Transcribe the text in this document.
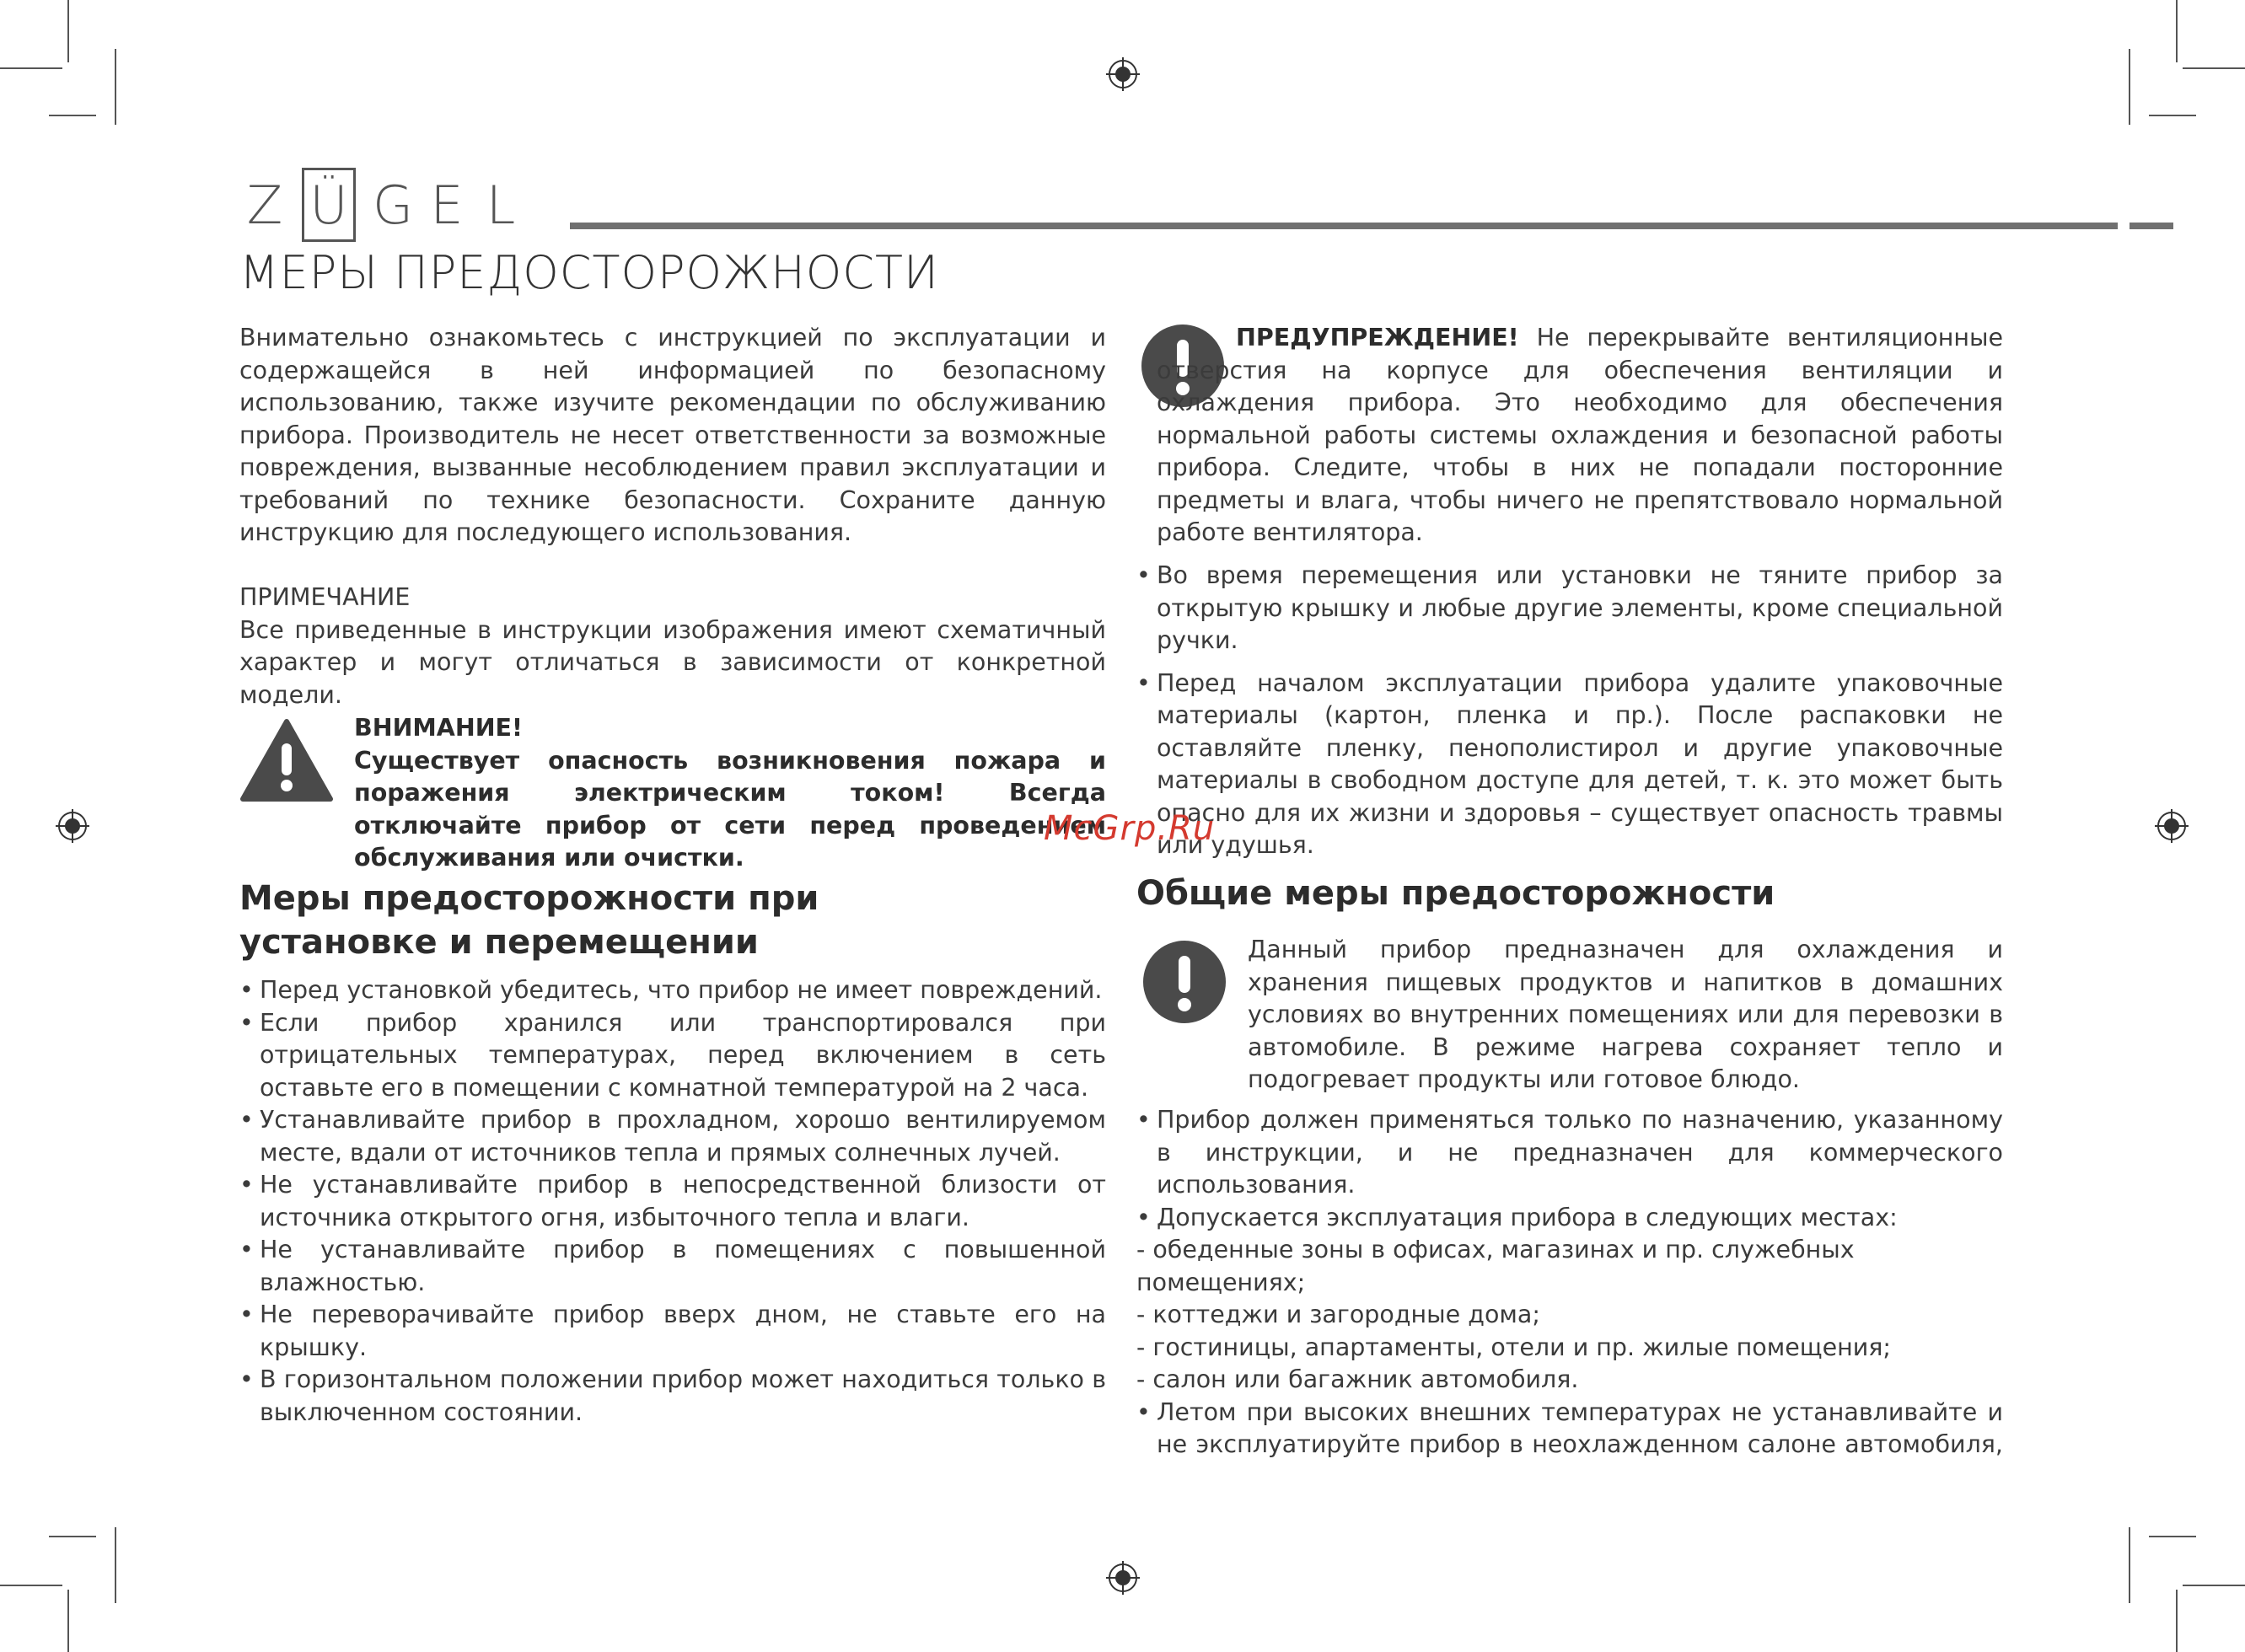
Z Ü G E L
МЕРЫ ПРЕДОСТОРОЖНОСТИ

Внимательно ознакомьтесь с инструкцией по эксплуатации и содержащейся в ней информацией по безопасному использованию, также изучите рекомендации по обслуживанию прибора. Производитель не несет ответственности за возможные повреждения, вызванные несоблюдением правил эксплуатации и требований по технике безопасности. Сохраните данную инструкцию для последующего использования.

ПРИМЕЧАНИЕ

Все приведенные в инструкции изображения имеют схематичный характер и могут отличаться в зависимости от конкретной модели.

ВНИМАНИЕ!

Существует опасность возникновения пожара и поражения электрическим током! Всегда отключайте прибор от сети перед проведением обслуживания или очистки.

Меры предосторожности при установке и перемещении

• Перед установкой убедитесь, что прибор не имеет повреждений.

• Если прибор хранился или транспортировался при отрицательных температурах, перед включением в сеть оставьте его в помещении с комнатной температурой на 2 часа.

• Устанавливайте прибор в прохладном, хорошо вентилируемом месте, вдали от источников тепла и прямых солнечных лучей.

• Не устанавливайте прибор в непосредственной близости от источника открытого огня, избыточного тепла и влаги.

• Не устанавливайте прибор в помещениях с повышенной влажностью.

• Не переворачивайте прибор вверх дном, не ставьте его на крышку.

• В горизонтальном положении прибор может находиться только в выключенном состоянии.

ПРЕДУПРЕЖДЕНИЕ! Не перекрывайте вентиляционные отверстия на корпусе для обеспечения вентиляции и охлаждения прибора. Это необходимо для обеспечения нормальной работы системы охлаждения и безопасной работы прибора. Следите, чтобы в них не попадали посторонние предметы и влага, чтобы ничего не препятствовало нормальной работе вентилятора.

• Во время перемещения или установки не тяните прибор за открытую крышку и любые другие элементы, кроме специальной ручки.

• Перед началом эксплуатации прибора удалите упаковочные материалы (картон, пленка и пр.). После распаковки не оставляйте пленку, пенополистирол и другие упаковочные материалы в свободном доступе для детей, т. к. это может быть опасно для их жизни и здоровья – существует опасность травмы или удушья.

McGrp.Ru
Общие меры предосторожности

Данный прибор предназначен для охлаждения и хранения пищевых продуктов и напитков в домашних условиях во внутренних помещениях или для перевозки в автомобиле. В режиме нагрева сохраняет тепло и подогревает продукты или готовое блюдо.

• Прибор должен применяться только по назначению, указанному в инструкции, и не предназначен для коммерческого использования.

• Допускается эксплуатация прибора в следующих местах:

- обеденные зоны в офисах, магазинах и пр. служебных помещениях;

- коттеджи и загородные дома;

- гостиницы, апартаменты, отели и пр. жилые помещения;

- салон или багажник автомобиля.

• Летом при высоких внешних температурах не устанавливайте и не эксплуатируйте прибор в неохлажденном салоне автомобиля,
